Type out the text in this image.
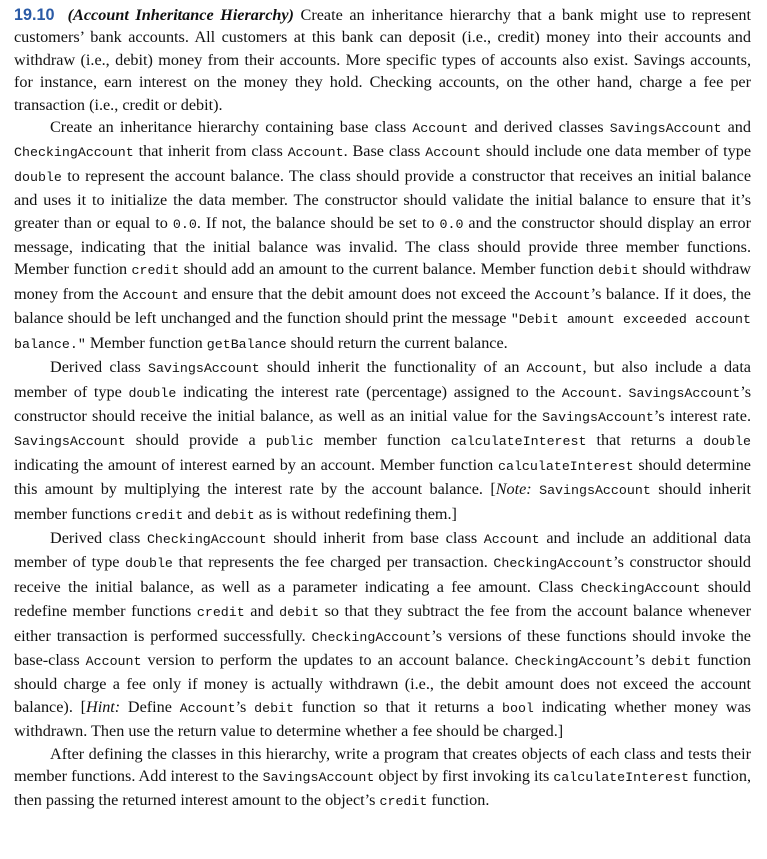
19.10 (Account Inheritance Hierarchy) Create an inheritance hierarchy that a bank might use to represent customers’ bank accounts. All customers at this bank can deposit (i.e., credit) money into their accounts and withdraw (i.e., debit) money from their accounts. More specific types of accounts also exist. Savings accounts, for instance, earn interest on the money they hold. Checking accounts, on the other hand, charge a fee per transaction (i.e., credit or debit).

Create an inheritance hierarchy containing base class Account and derived classes SavingsAccount and CheckingAccount that inherit from class Account. Base class Account should include one data member of type double to represent the account balance. The class should provide a constructor that receives an initial balance and uses it to initialize the data member. The constructor should validate the initial balance to ensure that it’s greater than or equal to 0.0. If not, the balance should be set to 0.0 and the constructor should display an error message, indicating that the initial balance was invalid. The class should provide three member functions. Member function credit should add an amount to the current balance. Member function debit should withdraw money from the Account and ensure that the debit amount does not exceed the Account’s balance. If it does, the balance should be left unchanged and the function should print the message "Debit amount exceeded account balance." Member function getBalance should return the current balance.

Derived class SavingsAccount should inherit the functionality of an Account, but also include a data member of type double indicating the interest rate (percentage) assigned to the Account. SavingsAccount’s constructor should receive the initial balance, as well as an initial value for the SavingsAccount’s interest rate. SavingsAccount should provide a public member function calculateInterest that returns a double indicating the amount of interest earned by an account. Member function calculateInterest should determine this amount by multiplying the interest rate by the account balance. [Note: SavingsAccount should inherit member functions credit and debit as is without redefining them.]

Derived class CheckingAccount should inherit from base class Account and include an additional data member of type double that represents the fee charged per transaction. CheckingAccount’s constructor should receive the initial balance, as well as a parameter indicating a fee amount. Class CheckingAccount should redefine member functions credit and debit so that they subtract the fee from the account balance whenever either transaction is performed successfully. CheckingAccount’s versions of these functions should invoke the base-class Account version to perform the updates to an account balance. CheckingAccount’s debit function should charge a fee only if money is actually withdrawn (i.e., the debit amount does not exceed the account balance). [Hint: Define Account’s debit function so that it returns a bool indicating whether money was withdrawn. Then use the return value to determine whether a fee should be charged.]

After defining the classes in this hierarchy, write a program that creates objects of each class and tests their member functions. Add interest to the SavingsAccount object by first invoking its calculateInterest function, then passing the returned interest amount to the object’s credit function.
